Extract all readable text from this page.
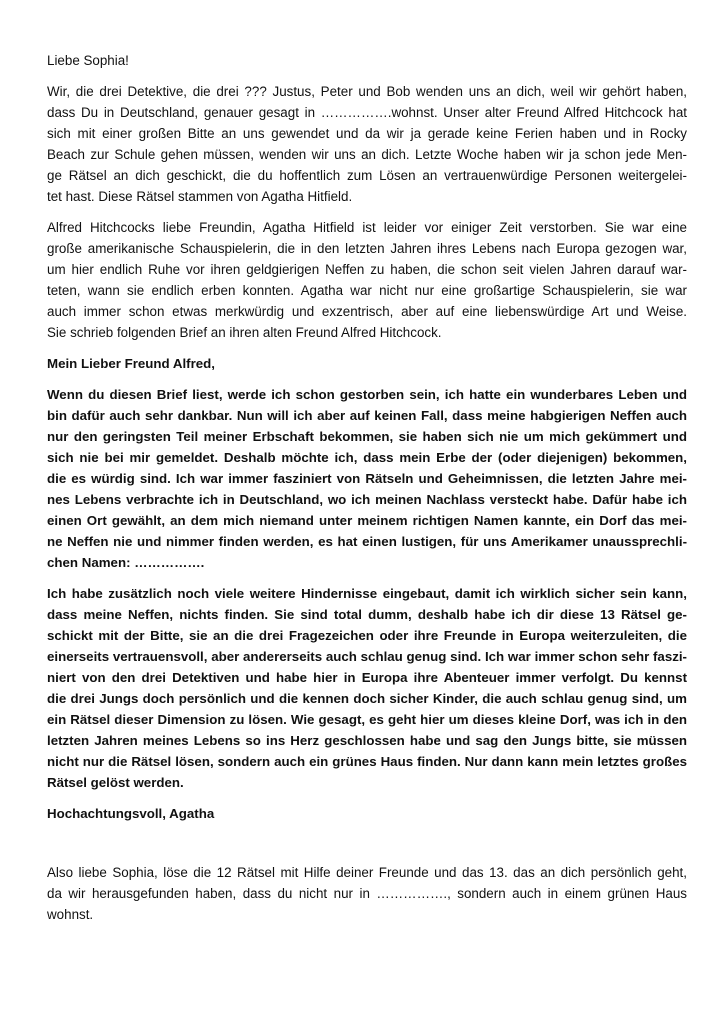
Liebe Sophia!
Wir, die drei Detektive, die drei ??? Justus, Peter und Bob wenden uns an dich, weil wir gehört haben,
dass Du in Deutschland, genauer gesagt in …………….wohnst. Unser alter Freund Alfred Hitchcock hat
sich mit einer großen Bitte an uns gewendet und da wir ja gerade keine Ferien haben und in Rocky
Beach zur Schule gehen müssen, wenden wir uns an dich. Letzte Woche haben wir ja schon jede Men-
ge Rätsel an dich geschickt, die du hoffentlich zum Lösen an vertrauenwürdige Personen weitergelei-
tet hast. Diese Rätsel stammen von Agatha Hitfield.
Alfred Hitchcocks liebe Freundin, Agatha Hitfield ist leider vor einiger Zeit verstorben. Sie war eine
große amerikanische Schauspielerin, die in den letzten Jahren ihres Lebens nach Europa gezogen war,
um hier endlich Ruhe vor ihren geldgierigen Neffen zu haben, die schon seit vielen Jahren darauf war-
teten, wann sie endlich erben konnten. Agatha war nicht nur eine großartige Schauspielerin, sie war
auch immer schon etwas merkwürdig und exzentrisch, aber auf eine liebenswürdige Art und Weise.
Sie schrieb folgenden Brief an ihren alten Freund Alfred Hitchcock.
Mein Lieber Freund Alfred,
Wenn du diesen Brief liest, werde ich schon gestorben sein, ich hatte ein wunderbares Leben und
bin dafür auch sehr dankbar. Nun will ich aber auf keinen Fall, dass meine habgierigen Neffen auch
nur den geringsten Teil meiner Erbschaft bekommen, sie haben sich nie um mich gekümmert und
sich nie bei mir gemeldet. Deshalb möchte ich, dass mein Erbe der (oder diejenigen) bekommen,
die es würdig sind. Ich war immer fasziniert von Rätseln und Geheimnissen, die letzten Jahre mei-
nes Lebens verbrachte ich in Deutschland, wo ich meinen Nachlass versteckt habe. Dafür habe ich
einen Ort gewählt, an dem mich niemand unter meinem richtigen Namen kannte, ein Dorf das mei-
ne Neffen nie und nimmer finden werden, es hat einen lustigen, für uns Amerikamer unaussprechli-
chen Namen: …………….
Ich habe zusätzlich noch viele weitere Hindernisse eingebaut, damit ich wirklich sicher sein kann,
dass meine Neffen, nichts finden. Sie sind total dumm, deshalb habe ich dir diese 13 Rätsel ge-
schickt mit der Bitte, sie an die drei Fragezeichen oder ihre Freunde in Europa weiterzuleiten, die
einerseits vertrauensvoll, aber andererseits auch schlau genug sind. Ich war immer schon sehr faszi-
niert von den drei Detektiven und habe hier in Europa ihre Abenteuer immer verfolgt. Du kennst
die drei Jungs doch persönlich und die kennen doch sicher Kinder, die auch schlau genug sind, um
ein Rätsel dieser Dimension zu lösen. Wie gesagt, es geht hier um dieses kleine Dorf, was ich in den
letzten Jahren meines Lebens so ins Herz geschlossen habe und sag den Jungs bitte, sie müssen
nicht nur die Rätsel lösen, sondern auch ein grünes Haus finden. Nur dann kann mein letztes großes
Rätsel gelöst werden.
Hochachtungsvoll, Agatha
Also liebe Sophia, löse die 12 Rätsel mit Hilfe deiner Freunde und das 13. das an dich persönlich geht,
da wir herausgefunden haben, dass du nicht nur in ……………., sondern auch in einem grünen Haus
wohnst.
